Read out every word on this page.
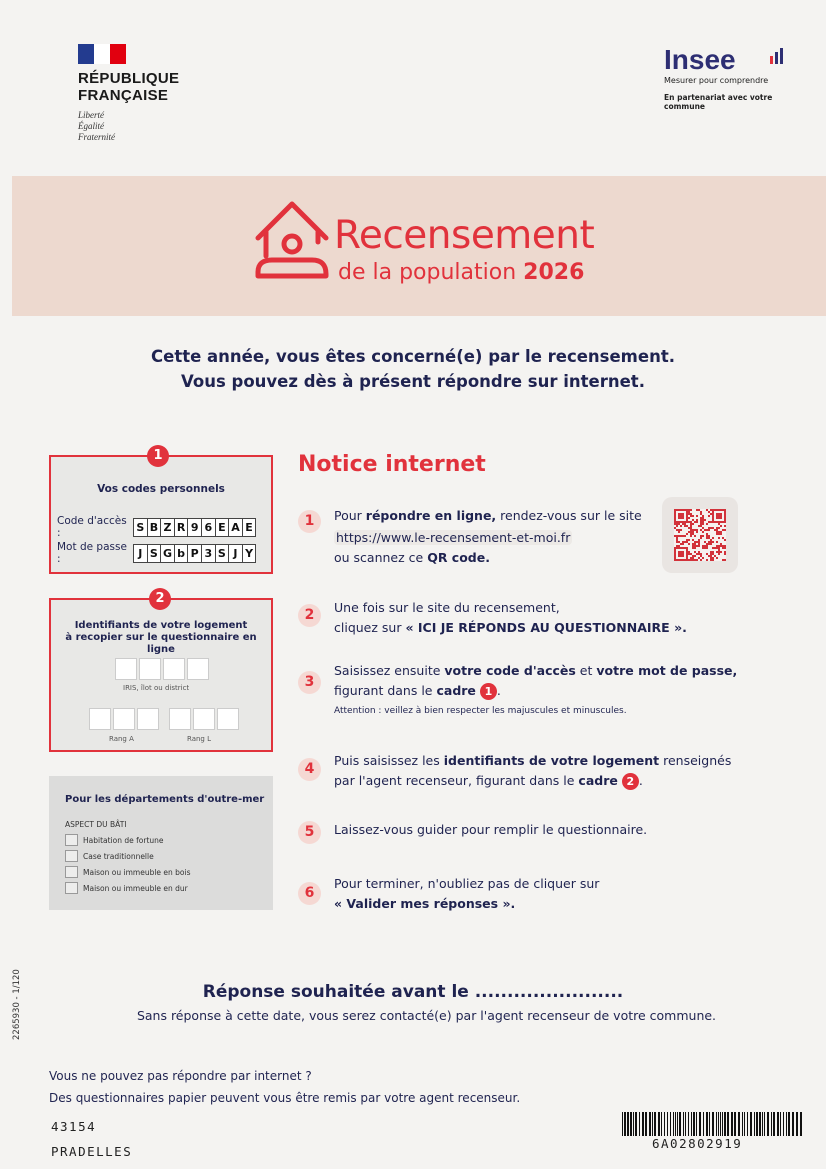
RÉPUBLIQUE
FRANÇAISE
Liberté
Égalité
Fraternité
Insee
Mesurer pour comprendre
En partenariat avec votre commune
Recensement
de la population 2026
Cette année, vous êtes concerné(e) par le recensement.
Vous pouvez dès à présent répondre sur internet.
1
Vos codes personnels
Code d'accès :	S B Z R 9 6 E A E
Mot de passe :	J S G b P 3 S J Y
2
Identifiants de votre logement
à recopier sur le questionnaire en ligne
IRIS, îlot ou district
Rang A	Rang L
Pour les départements d'outre-mer
ASPECT DU BÂTI
Habitation de fortune
Case traditionnelle
Maison ou immeuble en bois
Maison ou immeuble en dur
Notice internet
1	Pour répondre en ligne, rendez-vous sur le site
https://www.le-recensement-et-moi.fr
ou scannez ce QR code.
2	Une fois sur le site du recensement,
cliquez sur « ICI JE RÉPONDS AU QUESTIONNAIRE ».
3
Saisissez ensuite votre code d'accès et votre mot de passe,
figurant dans le cadre 1 .
Attention : veillez à bien respecter les majuscules et minuscules.
4
Puis saisissez les identifiants de votre logement renseignés
par l'agent recenseur, figurant dans le cadre 2 .
5	Laissez-vous guider pour remplir le questionnaire.
6
Pour terminer, n'oubliez pas de cliquer sur
« Valider mes réponses ».
Réponse souhaitée avant le .......................
Sans réponse à cette date, vous serez contacté(e) par l'agent recenseur de votre commune.
2265930 - 1/120
Vous ne pouvez pas répondre par internet ?
Des questionnaires papier peuvent vous être remis par votre agent recenseur.
43154
PRADELLES
6A02802919
